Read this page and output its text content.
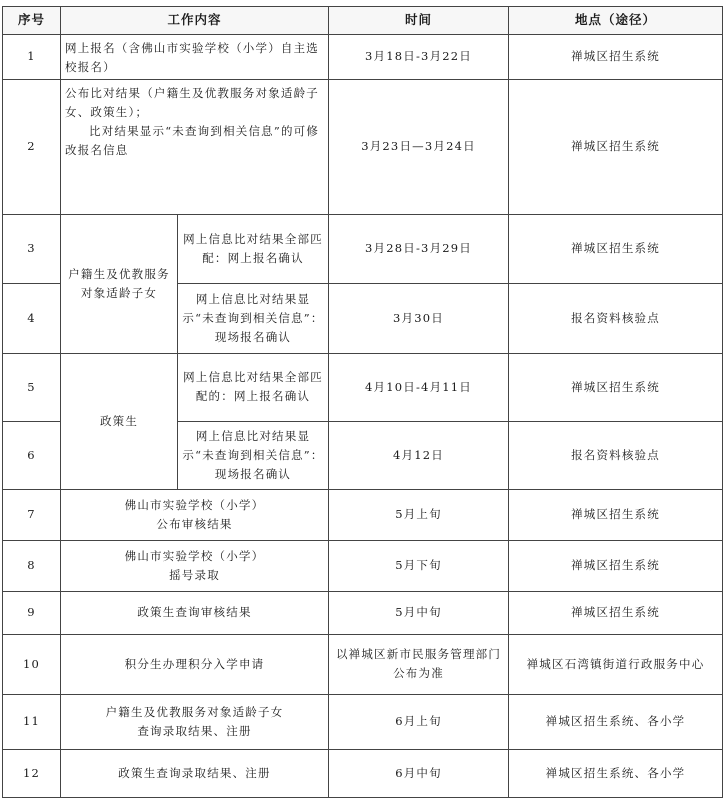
序号	工作内容		时间	地点（途径）
1	网上报名（含佛山市实验学校（小学）自主选校报名）		3月18日-3月22日	禅城区招生系统
2	公布比对结果（户籍生及优教服务对象适龄子女、政策生）；
比对结果显示“未查询到相关信息”的可修改报名信息		3月23日—3月24日	禅城区招生系统
3	户籍生及优教服务对象适龄子女	网上信息比对结果全部匹配：网上报名确认	3月28日-3月29日	禅城区招生系统
4		网上信息比对结果显示“未查询到相关信息”：现场报名确认	3月30日	报名资料核验点
5	政策生	网上信息比对结果全部匹配的：网上报名确认	4月10日-4月11日	禅城区招生系统
6		网上信息比对结果显示“未查询到相关信息”：现场报名确认	4月12日	报名资料核验点
7	佛山市实验学校（小学）
公布审核结果		5月上旬	禅城区招生系统
8	佛山市实验学校（小学）
摇号录取		5月下旬	禅城区招生系统
9	政策生查询审核结果		5月中旬	禅城区招生系统
10	积分生办理积分入学申请		以禅城区新市民服务管理部门公布为准	禅城区石湾镇街道行政服务中心
11	户籍生及优教服务对象适龄子女
查询录取结果、注册		6月上旬	禅城区招生系统、各小学
12	政策生查询录取结果、注册		6月中旬	禅城区招生系统、各小学
